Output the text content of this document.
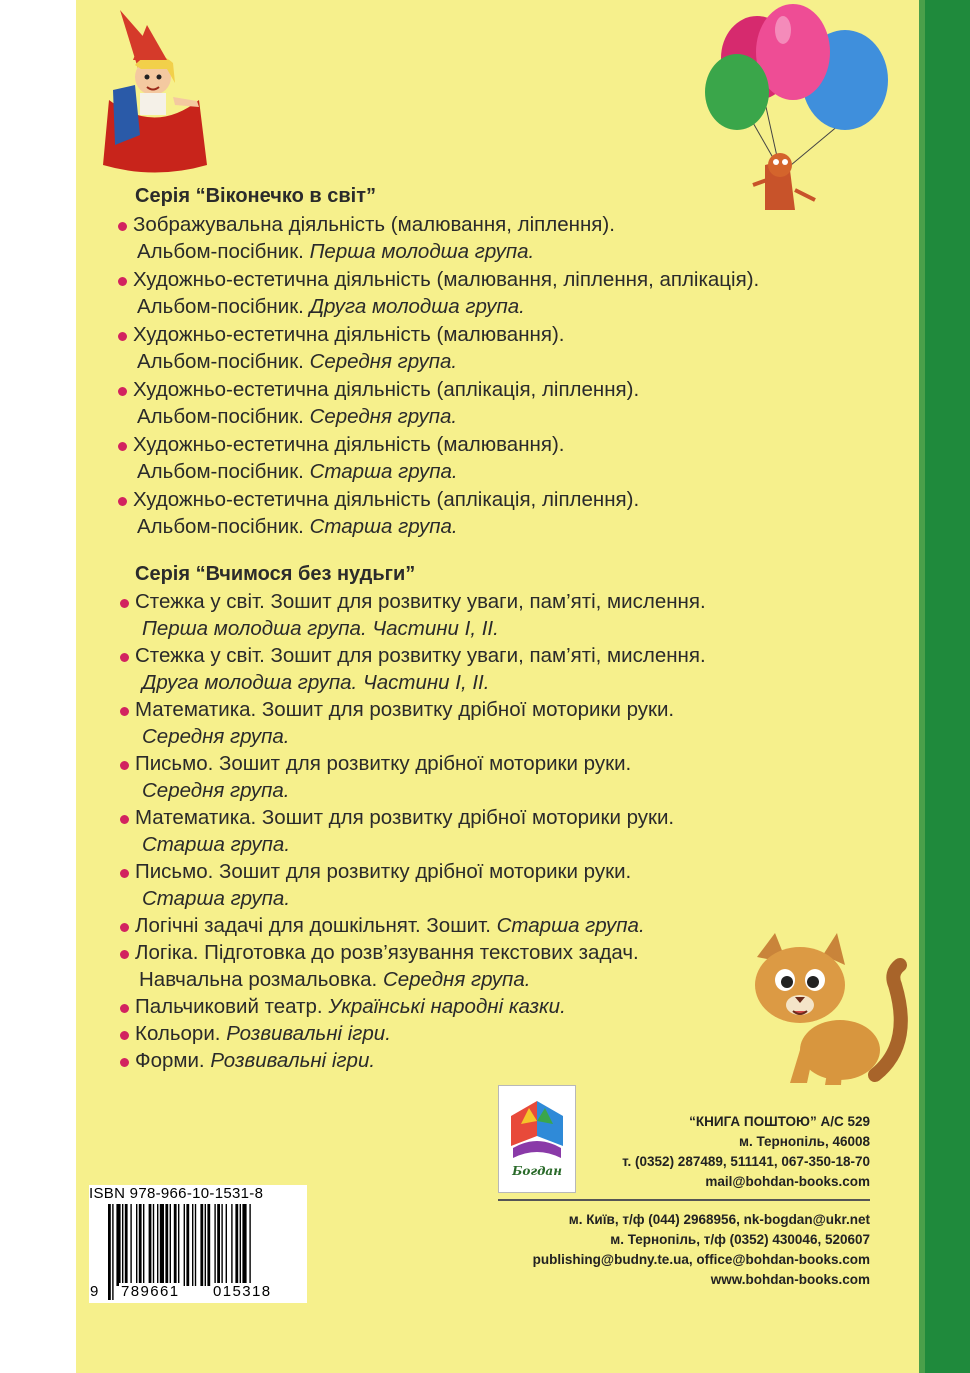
Серія “Віконечко в світ”
Зображувальна діяльність (малювання, ліплення).
Альбом-посібник. Перша молодша група.
Художньо-естетична діяльність (малювання, ліплення, аплікація).
Альбом-посібник. Друга молодша група.
Художньо-естетична діяльність (малювання).
Альбом-посібник. Середня група.
Художньо-естетична діяльність (аплікація, ліплення).
Альбом-посібник. Середня група.
Художньо-естетична діяльність (малювання).
Альбом-посібник. Старша група.
Художньо-естетична діяльність (аплікація, ліплення).
Альбом-посібник. Старша група.
Серія “Вчимося без нудьги”
Стежка у світ. Зошит для розвитку уваги, пам’яті, мислення.
Перша молодша група. Частини І, ІІ.
Стежка у світ. Зошит для розвитку уваги, пам’яті, мислення.
Друга молодша група. Частини І, ІІ.
Математика. Зошит для розвитку дрібної моторики руки.
Середня група.
Письмо. Зошит для розвитку дрібної моторики руки.
Середня група.
Математика. Зошит для розвитку дрібної моторики руки.
Старша група.
Письмо. Зошит для розвитку дрібної моторики руки.
Старша група.
Логічні задачі для дошкільнят. Зошит. Старша група.
Логіка. Підготовка до розв’язування текстових задач.
Навчальна розмальовка. Середня група.
Пальчиковий театр. Українські народні казки.
Кольори. Розвивальні ігри.
Форми. Розвивальні ігри.
Богдан
“КНИГА ПОШТОЮ” А/С 529
м. Тернопіль, 46008
т. (0352) 287489, 511141, 067-350-18-70
mail@bohdan-books.com
м. Київ, т/ф (044) 2968956, nk-bogdan@ukr.net
м. Тернопіль, т/ф (0352) 430046, 520607
publishing@budny.te.ua, office@bohdan-books.com
www.bohdan-books.com
ISBN 978-966-10-1531-8
9 789661 015318
